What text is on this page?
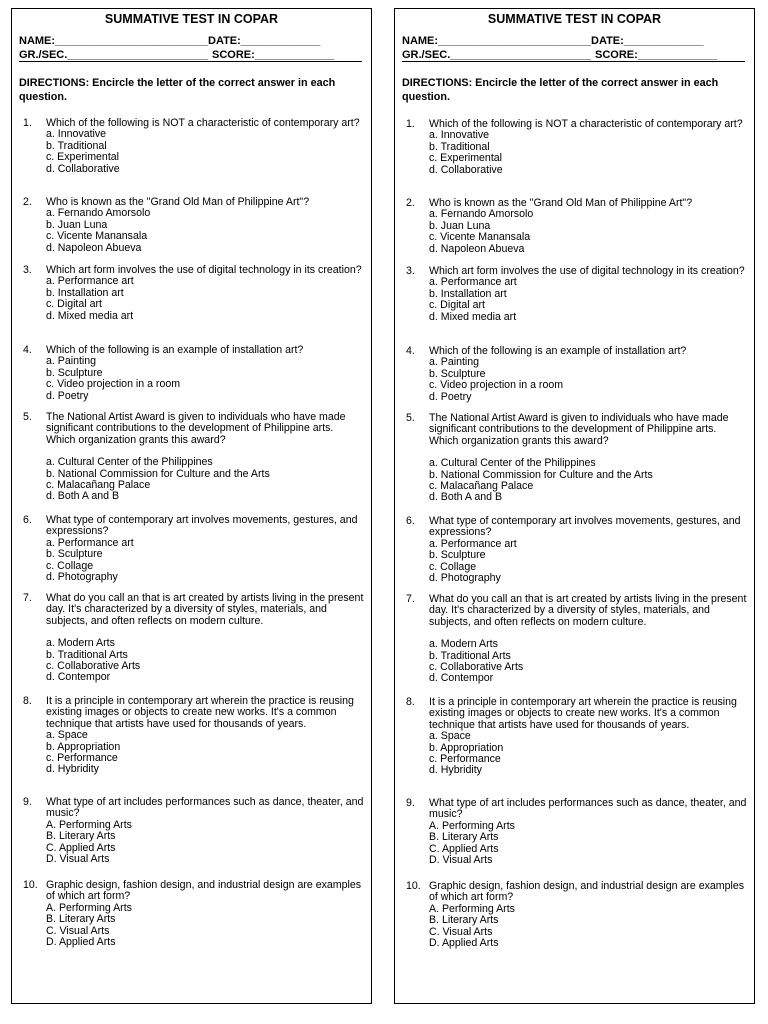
SUMMATIVE TEST IN COPAR
NAME:_________________________DATE:_____________
GR./SEC._______________________ SCORE:_____________
DIRECTIONS: Encircle the letter of the correct answer in each question.
1.	Which of the following is NOT a characteristic of contemporary art?
a. Innovative
b. Traditional
c. Experimental
d. Collaborative
2.	Who is known as the "Grand Old Man of Philippine Art"?
a. Fernando Amorsolo
b. Juan Luna
c. Vicente Manansala
d. Napoleon Abueva
3.	Which art form involves the use of digital technology in its creation?
a. Performance art
b. Installation art
c. Digital art
d. Mixed media art
4.	Which of the following is an example of installation art?
a. Painting
b. Sculpture
c. Video projection in a room
d. Poetry
5.	The National Artist Award is given to individuals who have made significant contributions to the development of Philippine arts. Which organization grants this award?
a. Cultural Center of the Philippines
b. National Commission for Culture and the Arts
c. Malacañang Palace
d. Both A and B
6.	What type of contemporary art involves movements, gestures, and expressions?
a. Performance art
b. Sculpture
c. Collage
d. Photography
7.	What do you call an that is art created by artists living in the present day. It's characterized by a diversity of styles, materials, and subjects, and often reflects on modern culture.
a. Modern Arts
b. Traditional Arts
c. Collaborative Arts
d. Contempor
8.	It is a principle in contemporary art wherein the practice is reusing existing images or objects to create new works. It's a common technique that artists have used for thousands of years.
a. Space
b. Appropriation
c. Performance
d. Hybridity
9.	What type of art includes performances such as dance, theater, and music?
A. Performing Arts
B. Literary Arts
C. Applied Arts
D. Visual Arts
10. Graphic design, fashion design, and industrial design are examples of which art form?
A. Performing Arts
B. Literary Arts
C. Visual Arts
D. Applied Arts
SUMMATIVE TEST IN COPAR
NAME:_________________________DATE:_____________
GR./SEC._______________________ SCORE:_____________
DIRECTIONS: Encircle the letter of the correct answer in each question.
1.	Which of the following is NOT a characteristic of contemporary art?
a. Innovative
b. Traditional
c. Experimental
d. Collaborative
2.	Who is known as the "Grand Old Man of Philippine Art"?
a. Fernando Amorsolo
b. Juan Luna
c. Vicente Manansala
d. Napoleon Abueva
3.	Which art form involves the use of digital technology in its creation?
a. Performance art
b. Installation art
c. Digital art
d. Mixed media art
4.	Which of the following is an example of installation art?
a. Painting
b. Sculpture
c. Video projection in a room
d. Poetry
5.	The National Artist Award is given to individuals who have made significant contributions to the development of Philippine arts. Which organization grants this award?
a. Cultural Center of the Philippines
b. National Commission for Culture and the Arts
c. Malacañang Palace
d. Both A and B
6.	What type of contemporary art involves movements, gestures, and expressions?
a. Performance art
b. Sculpture
c. Collage
d. Photography
7.	What do you call an that is art created by artists living in the present day. It's characterized by a diversity of styles, materials, and subjects, and often reflects on modern culture.
a. Modern Arts
b. Traditional Arts
c. Collaborative Arts
d. Contempor
8.	It is a principle in contemporary art wherein the practice is reusing existing images or objects to create new works. It's a common technique that artists have used for thousands of years.
a. Space
b. Appropriation
c. Performance
d. Hybridity
9.	What type of art includes performances such as dance, theater, and music?
A. Performing Arts
B. Literary Arts
C. Applied Arts
D. Visual Arts
10. Graphic design, fashion design, and industrial design are examples of which art form?
A. Performing Arts
B. Literary Arts
C. Visual Arts
D. Applied Arts
